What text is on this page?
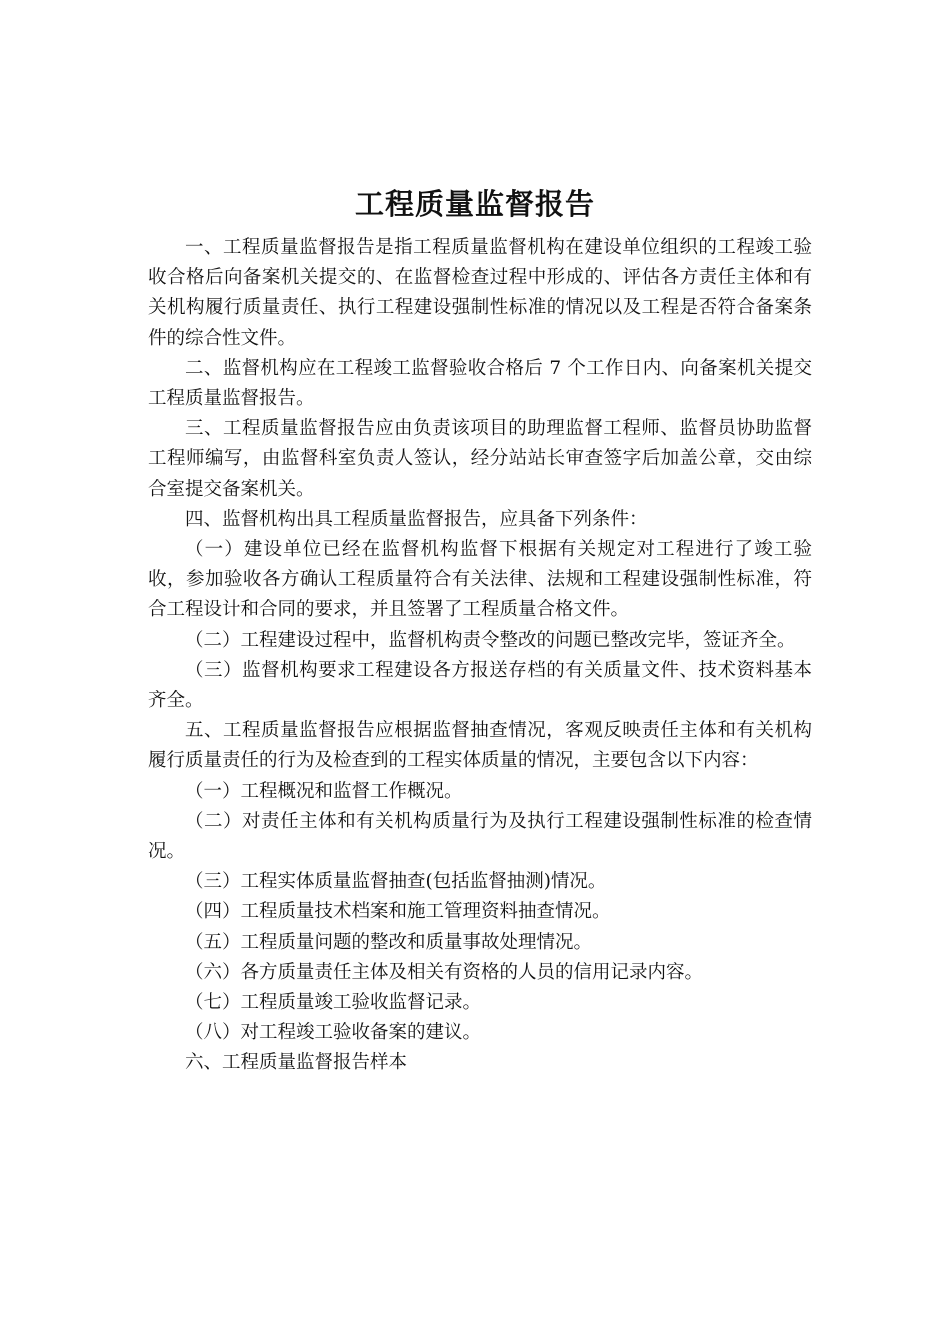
工程质量监督报告

一、工程质量监督报告是指工程质量监督机构在建设单位组织的工程竣工验收合格后向备案机关提交的、在监督检查过程中形成的、评估各方责任主体和有关机构履行质量责任、执行工程建设强制性标准的情况以及工程是否符合备案条件的综合性文件。

二、监督机构应在工程竣工监督验收合格后 7 个工作日内、向备案机关提交工程质量监督报告。

三、工程质量监督报告应由负责该项目的助理监督工程师、监督员协助监督工程师编写，由监督科室负责人签认，经分站站长审查签字后加盖公章，交由综合室提交备案机关。

四、监督机构出具工程质量监督报告，应具备下列条件：

（一）建设单位已经在监督机构监督下根据有关规定对工程进行了竣工验收，参加验收各方确认工程质量符合有关法律、法规和工程建设强制性标准，符合工程设计和合同的要求，并且签署了工程质量合格文件。

（二）工程建设过程中，监督机构责令整改的问题已整改完毕，签证齐全。

（三）监督机构要求工程建设各方报送存档的有关质量文件、技术资料基本齐全。

五、工程质量监督报告应根据监督抽查情况，客观反映责任主体和有关机构履行质量责任的行为及检查到的工程实体质量的情况，主要包含以下内容：

（一）工程概况和监督工作概况。

（二）对责任主体和有关机构质量行为及执行工程建设强制性标准的检查情况。

（三）工程实体质量监督抽查(包括监督抽测)情况。

（四）工程质量技术档案和施工管理资料抽查情况。

（五）工程质量问题的整改和质量事故处理情况。

（六）各方质量责任主体及相关有资格的人员的信用记录内容。

（七）工程质量竣工验收监督记录。

（八）对工程竣工验收备案的建议。

六、工程质量监督报告样本
